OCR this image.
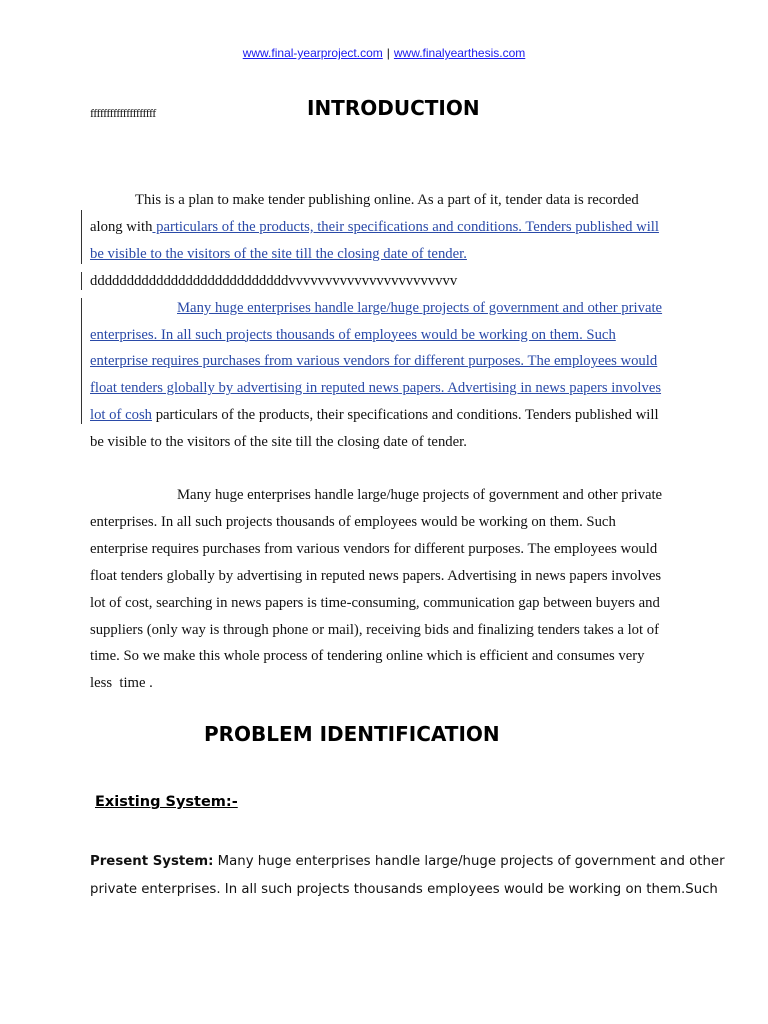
www.final-yearproject.com | www.finalyearthesis.com
ffffffffffffffffffff	INTRODUCTION
This is a plan to make tender publishing online. As a part of it, tender data is recorded
along with particulars of the products, their specifications and conditions. Tenders published will
be visible to the visitors of the site till the closing date of tender.
dddddddddddddddddddddddddddvvvvvvvvvvvvvvvvvvvvvvv
Many huge enterprises handle large/huge projects of government and other private
enterprises. In all such projects thousands of employees would be working on them. Such
enterprise requires purchases from various vendors for different purposes. The employees would
float tenders globally by advertising in reputed news papers. Advertising in news papers involves
lot of cosh particulars of the products, their specifications and conditions. Tenders published will
be visible to the visitors of the site till the closing date of tender.
Many huge enterprises handle large/huge projects of government and other private
enterprises. In all such projects thousands of employees would be working on them. Such
enterprise requires purchases from various vendors for different purposes. The employees would
float tenders globally by advertising in reputed news papers. Advertising in news papers involves
lot of cost, searching in news papers is time-consuming, communication gap between buyers and
suppliers (only way is through phone or mail), receiving bids and finalizing tenders takes a lot of
time. So we make this whole process of tendering online which is efficient and consumes very
less  time .
PROBLEM IDENTIFICATION
Existing System:-
Present System: Many huge enterprises handle large/huge projects of government and other
private enterprises. In all such projects thousands employees would be working on them.Such
